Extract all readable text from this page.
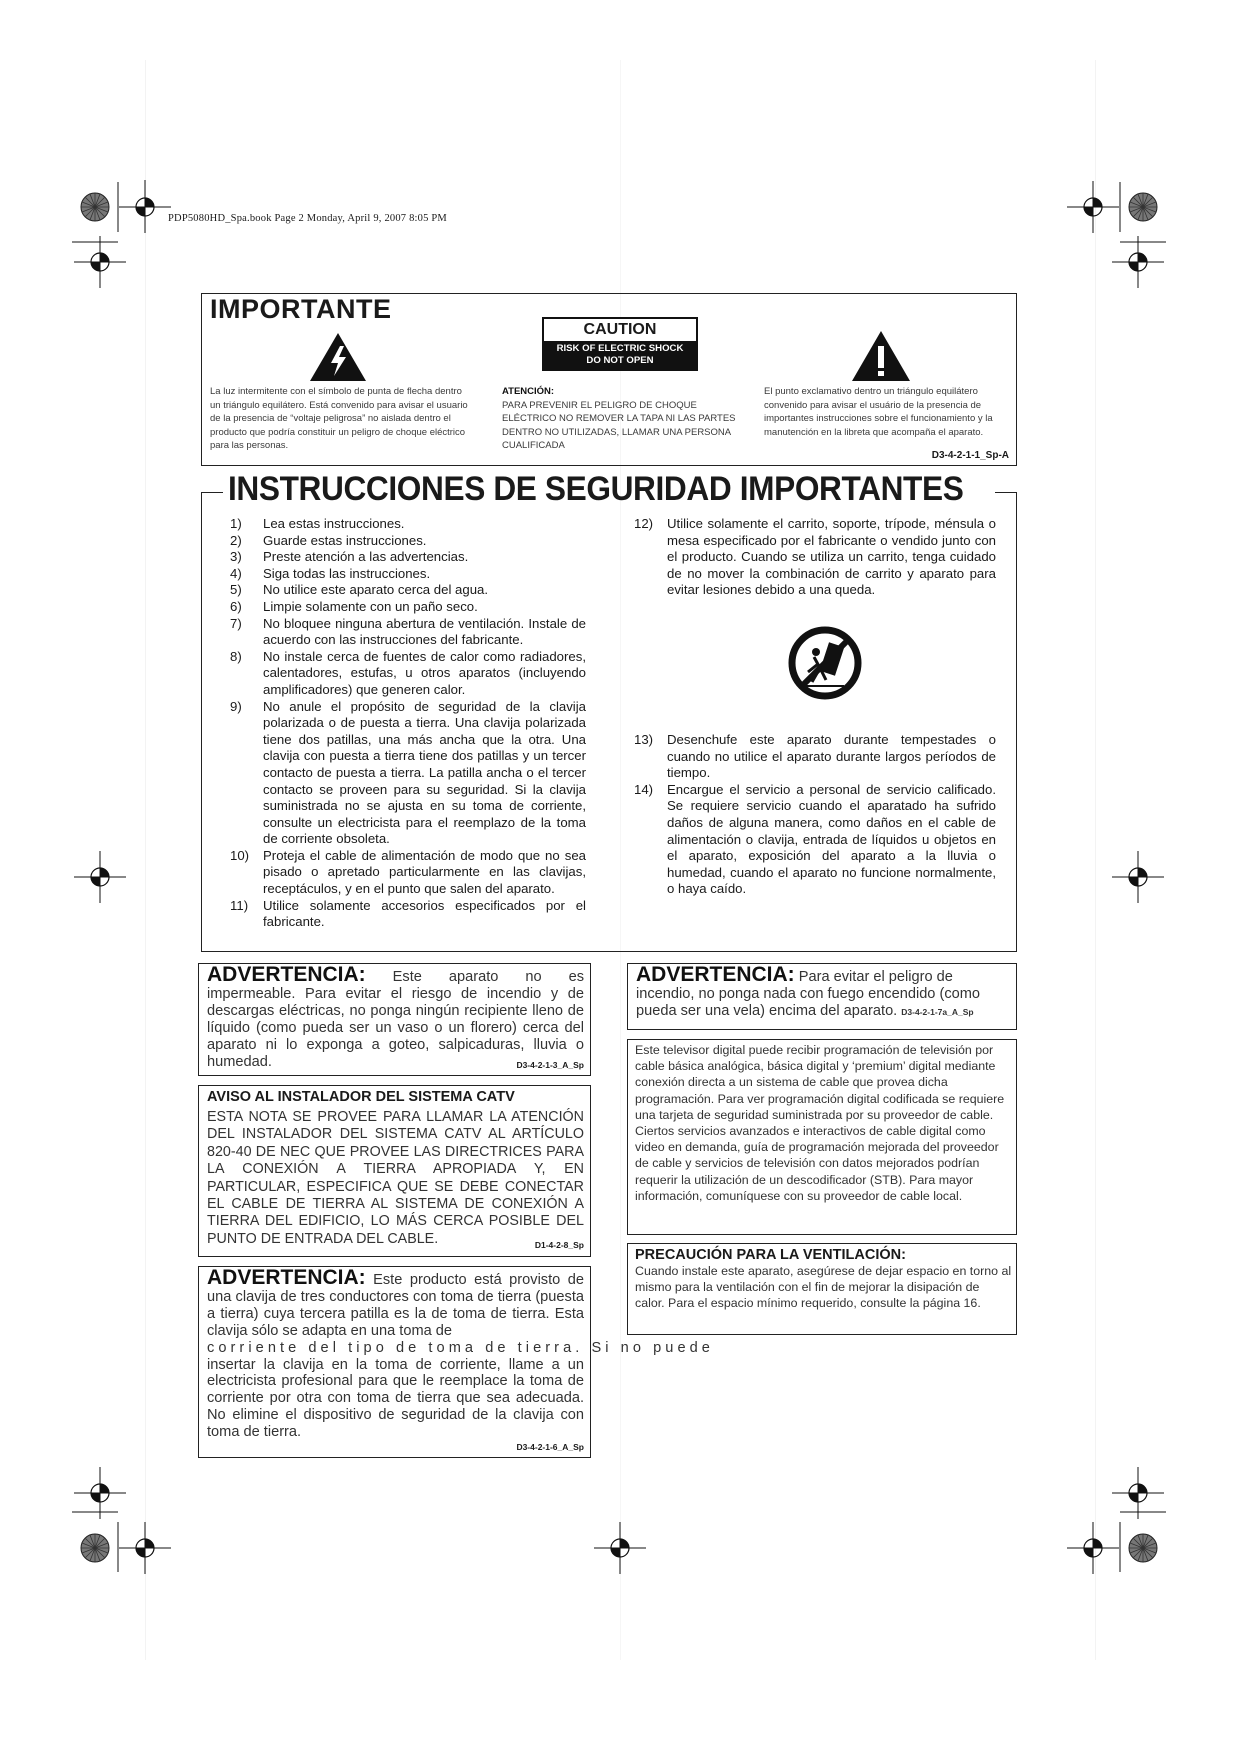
PDP5080HD_Spa.book Page 2 Monday, April 9, 2007 8:05 PM
IMPORTANTE
CAUTION
RISK OF ELECTRIC SHOCK
DO NOT OPEN
La luz intermitente con el símbolo de punta de flecha dentro un triángulo equilátero. Está convenido para avisar el usuario de la presencia de “voltaje peligrosa” no aislada dentro el producto que podría constituir un peligro de choque eléctrico para las personas.
ATENCIÓN:
PARA PREVENIR EL PELIGRO DE CHOQUE ELÉCTRICO NO REMOVER LA TAPA NI LAS PARTES DENTRO NO UTILIZADAS, LLAMAR UNA PERSONA CUALIFICADA
El punto exclamativo dentro un triángulo equilátero convenido para avisar el usuário de la presencia de importantes instrucciones sobre el funcionamiento y la manutención en la libreta que acompaña el aparato.
D3-4-2-1-1_Sp-A
INSTRUCCIONES DE SEGURIDAD IMPORTANTES
1) Lea estas instrucciones.
2) Guarde estas instrucciones.
3) Preste atención a las advertencias.
4) Siga todas las instrucciones.
5) No utilice este aparato cerca del agua.
6) Limpie solamente con un paño seco.
7) No bloquee ninguna abertura de ventilación. Instale de acuerdo con las instrucciones del fabricante.
8) No instale cerca de fuentes de calor como radiadores, calentadores, estufas, u otros aparatos (incluyendo amplificadores) que generen calor.
9) No anule el propósito de seguridad de la clavija polarizada o de puesta a tierra. Una clavija polarizada tiene dos patillas, una más ancha que la otra. Una clavija con puesta a tierra tiene dos patillas y un tercer contacto de puesta a tierra. La patilla ancha o el tercer contacto se proveen para su seguridad. Si la clavija suministrada no se ajusta en su toma de corriente, consulte un electricista para el reemplazo de la toma de corriente obsoleta.
10) Proteja el cable de alimentación de modo que no sea pisado o apretado particularmente en las clavijas, receptáculos, y en el punto que salen del aparato.
11) Utilice solamente accesorios especificados por el fabricante.
12) Utilice solamente el carrito, soporte, trípode, ménsula o mesa especificado por el fabricante o vendido junto con el producto. Cuando se utiliza un carrito, tenga cuidado de no mover la combinación de carrito y aparato para evitar lesiones debido a una queda.
13) Desenchufe este aparato durante tempestades o cuando no utilice el aparato durante largos períodos de tiempo.
14) Encargue el servicio a personal de servicio calificado. Se requiere servicio cuando el aparatado ha sufrido daños de alguna manera, como daños en el cable de alimentación o clavija, entrada de líquidos u objetos en el aparato, exposición del aparato a la lluvia o humedad, cuando el aparato no funcione normalmente, o haya caído.
ADVERTENCIA: Este aparato no es impermeable. Para evitar el riesgo de incendio y de descargas eléctricas, no ponga ningún recipiente lleno de líquido (como pueda ser un vaso o un florero) cerca del aparato ni lo exponga a goteo, salpicaduras, lluvia o humedad.	D3-4-2-1-3_A_Sp
AVISO AL INSTALADOR DEL SISTEMA CATV
ESTA NOTA SE PROVEE PARA LLAMAR LA ATENCIÓN DEL INSTALADOR DEL SISTEMA CATV AL ARTÍCULO 820-40 DE NEC QUE PROVEE LAS DIRECTRICES PARA LA CONEXIÓN A TIERRA APROPIADA Y, EN PARTICULAR, ESPECIFICA QUE SE DEBE CONECTAR EL CABLE DE TIERRA AL SISTEMA DE CONEXIÓN A TIERRA DEL EDIFICIO, LO MÁS CERCA POSIBLE DEL PUNTO DE ENTRADA DEL CABLE.	D1-4-2-8_Sp
ADVERTENCIA: Este producto está provisto de una clavija de tres conductores con toma de tierra (puesta a tierra) cuya tercera patilla es la de toma de tierra. Esta clavija sólo se adapta en una toma de
c o r r i e n t e   d e l   t i p o   d e   t o m a   d e   t i e r r a .   S i   n o   p u e d e
insertar la clavija en la toma de corriente, llame a un electricista profesional para que le reemplace la toma de corriente por otra con toma de tierra que sea adecuada. No elimine el dispositivo de seguridad de la clavija con toma de tierra.
D3-4-2-1-6_A_Sp
ADVERTENCIA: Para evitar el peligro de incendio, no ponga nada con fuego encendido (como pueda ser una vela) encima del aparato. D3-4-2-1-7a_A_Sp
Este televisor digital puede recibir programación de televisión por cable básica analógica, básica digital y ‘premium’ digital mediante conexión directa a un sistema de cable que provea dicha programación. Para ver programación digital codificada se requiere una tarjeta de seguridad suministrada por su proveedor de cable. Ciertos servicios avanzados e interactivos de cable digital como video en demanda, guía de programación mejorada del proveedor de cable y servicios de televisión con datos mejorados podrían requerir la utilización de un descodificador (STB). Para mayor información, comuníquese con su proveedor de cable local.
PRECAUCIÓN PARA LA VENTILACIÓN:
Cuando instale este aparato, asegúrese de dejar espacio en torno al mismo para la ventilación con el fin de mejorar la disipación de calor. Para el espacio mínimo requerido, consulte la página 16.
